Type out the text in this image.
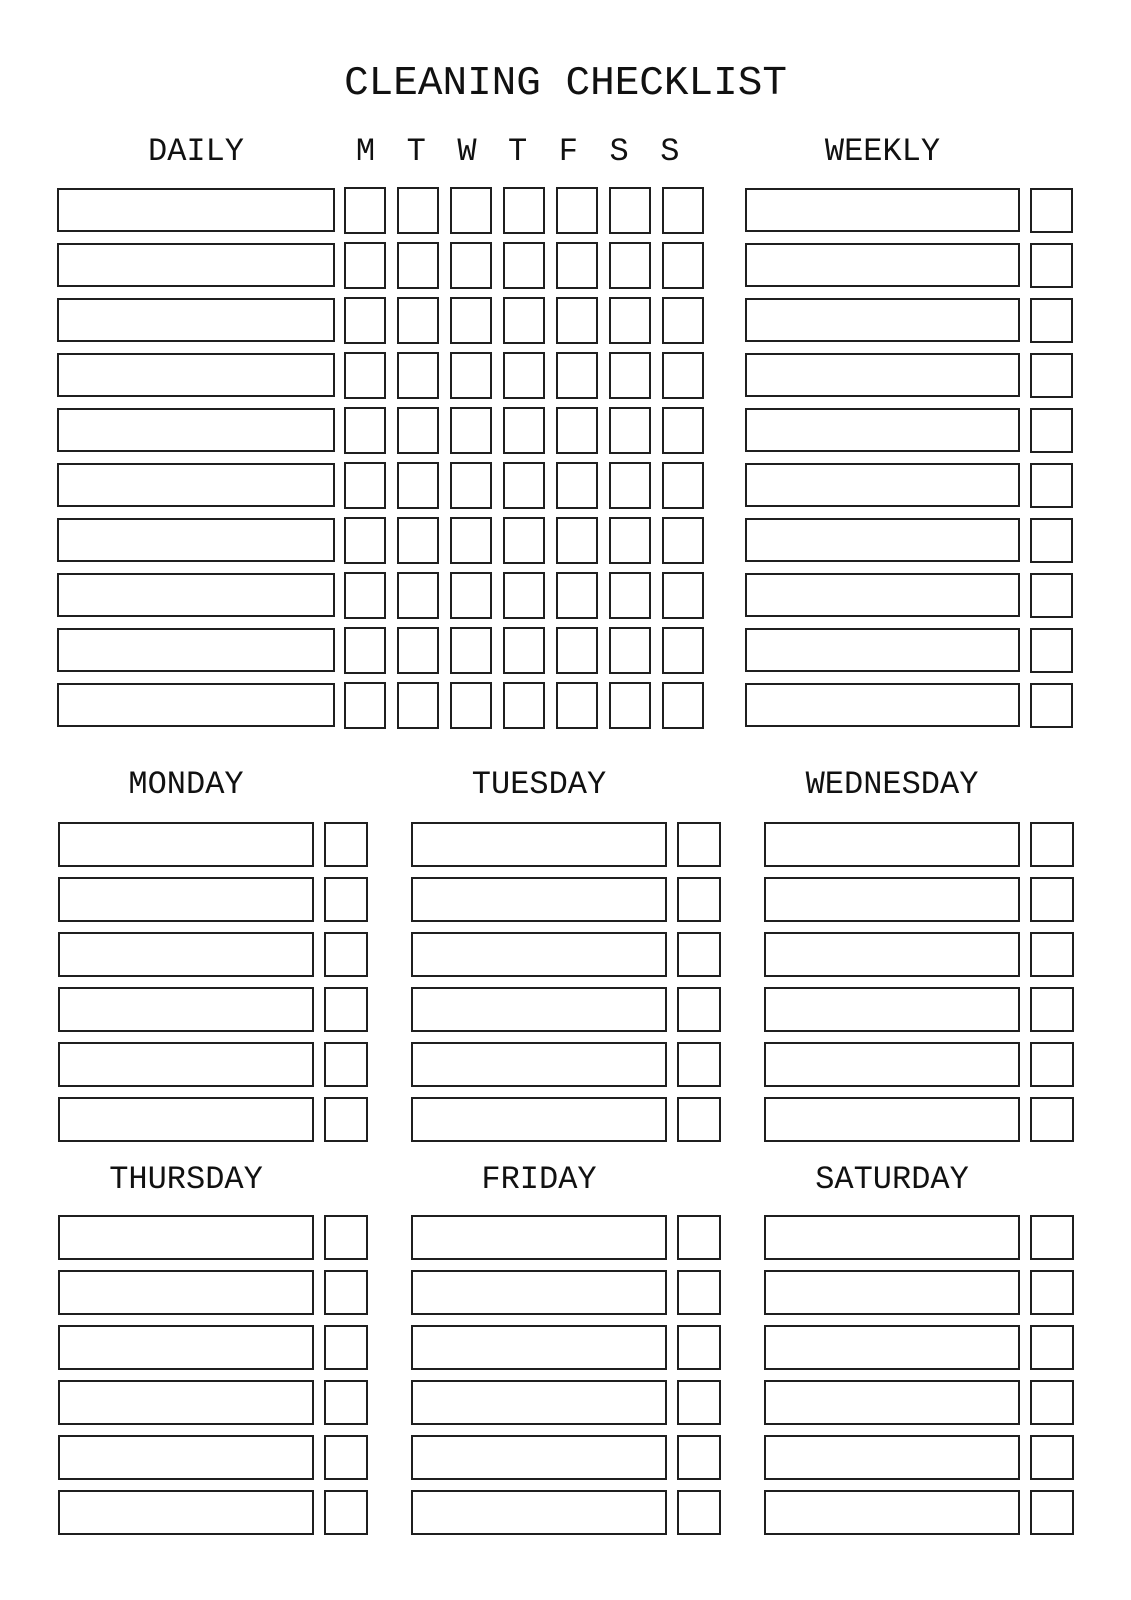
CLEANING CHECKLIST
DAILY	M T W T F S S	WEEKLY
MONDAY	TUESDAY	WEDNESDAY
THURSDAY	FRIDAY	SATURDAY
